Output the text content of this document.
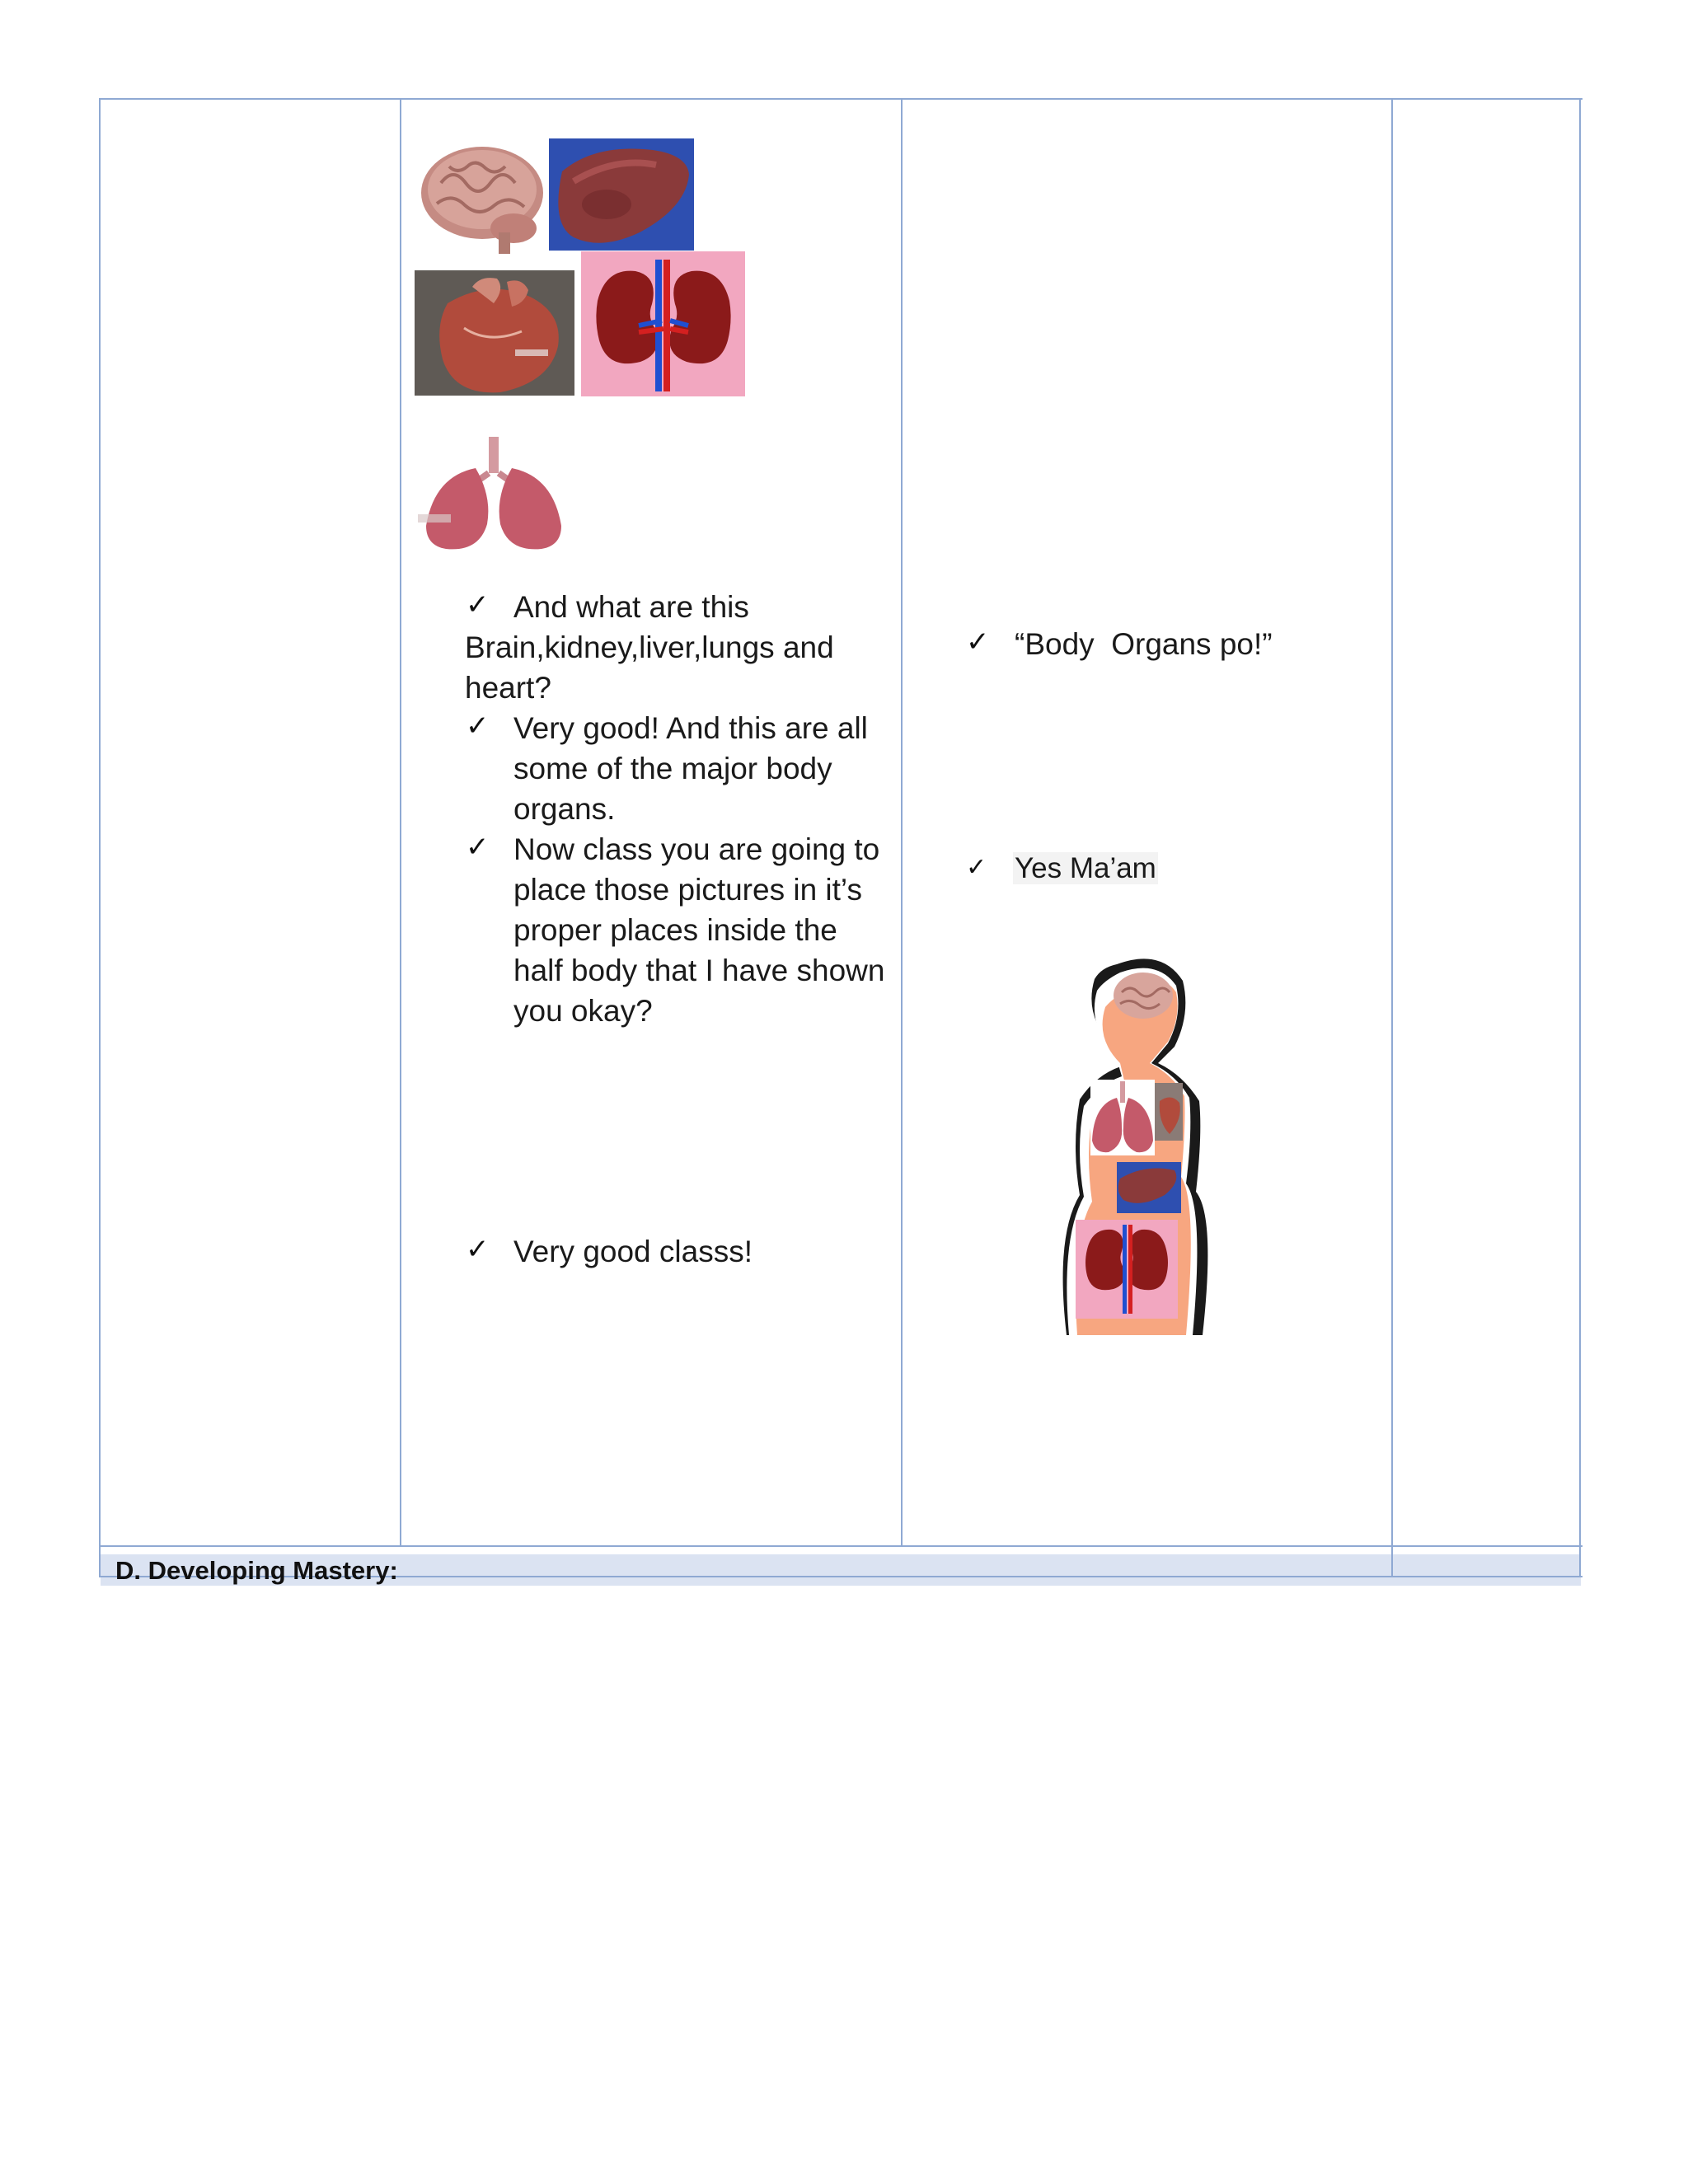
D. Developing Mastery:
✓ And what are this
Brain,kidney,liver,lungs and
heart?
✓ Very good! And this are all
some of the major body
organs.
✓ Now class you are going to
place those pictures in it’s
proper places inside the
half body that I have shown
you okay?
✓ Very good classs!
✓ “Body  Organs po!”
✓ Yes Ma’am
